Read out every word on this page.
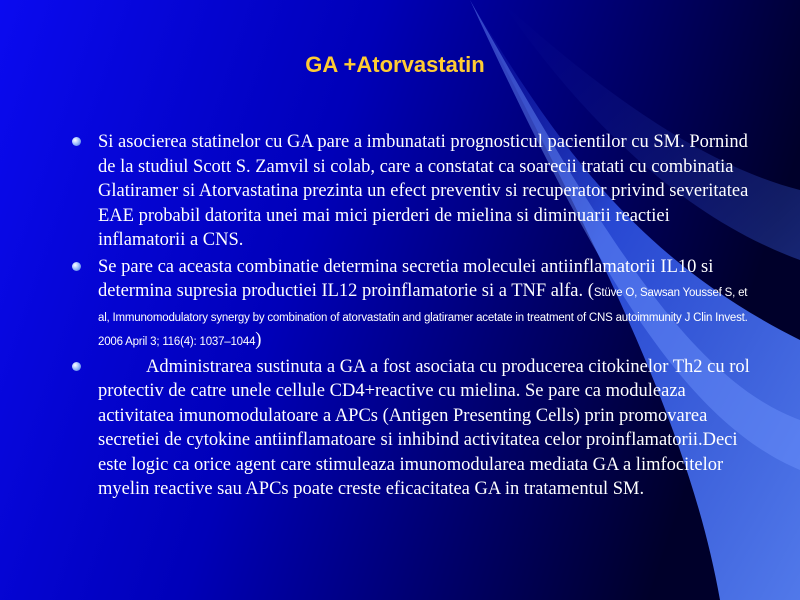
GA +Atorvastatin

Si asocierea statinelor cu GA pare a imbunatati prognosticul pacientilor cu SM. Pornind de la studiul Scott S. Zamvil si colab, care a constatat ca soarecii tratati cu combinatia Glatiramer si Atorvastatina prezinta un efect preventiv si recuperator privind severitatea EAE probabil datorita unei mai mici pierderi de mielina si diminuarii reactiei inflamatorii a CNS.

Se pare ca aceasta combinatie determina secretia moleculei antiinflamatorii IL10 si determina supresia productiei IL12 proinflamatorie si a TNF alfa. (Stüve O, Sawsan Youssef S, et al, Immunomodulatory synergy by combination of atorvastatin and glatiramer acetate in treatment of CNS autoimmunity J Clin Invest. 2006 April 3; 116(4): 1037–1044)

Administrarea sustinuta a GA a fost asociata cu producerea citokinelor Th2 cu rol protectiv de catre unele cellule CD4+reactive cu mielina. Se pare ca moduleaza activitatea imunomodulatoare a APCs (Antigen Presenting Cells) prin promovarea secretiei de cytokine antiinflamatoare si inhibind activitatea celor proinflamatorii.Deci este logic ca orice agent care stimuleaza imunomodularea mediata GA a limfocitelor myelin reactive sau APCs poate creste eficacitatea GA in tratamentul SM.
